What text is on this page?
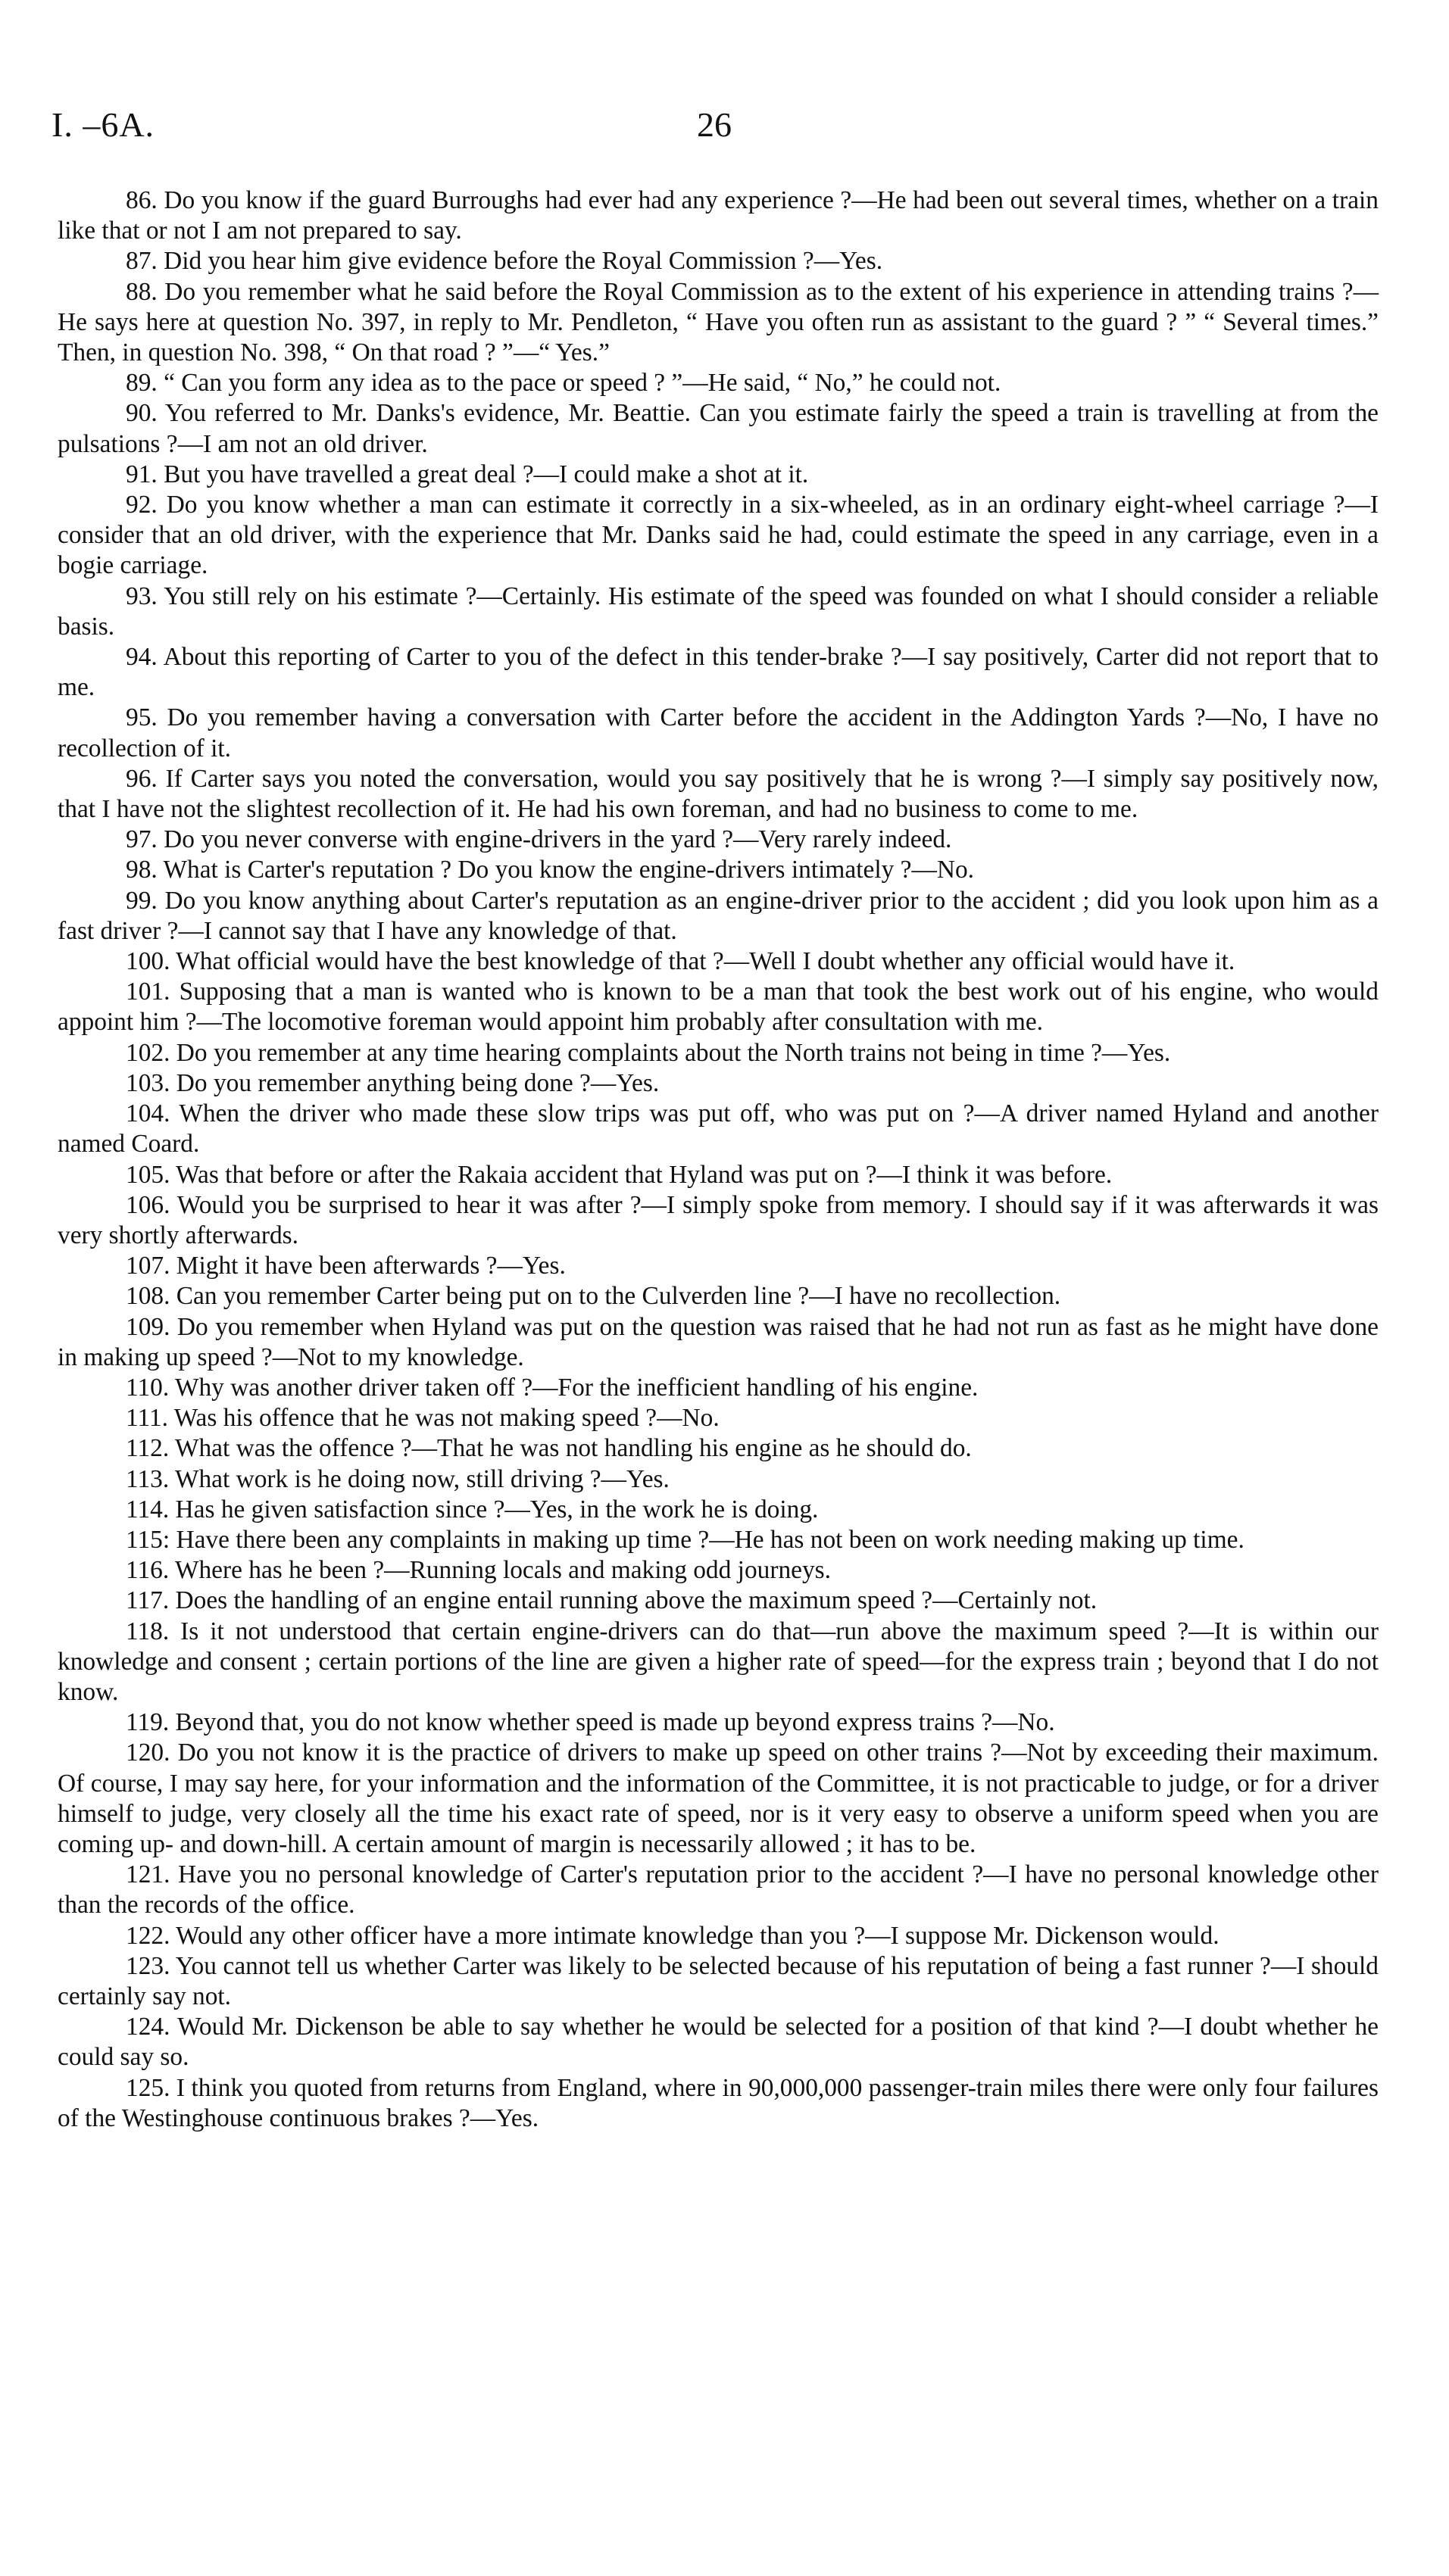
I. –6A.	26

86. Do you know if the guard Burroughs had ever had any experience ?—He had been out several times, whether on a train like that or not I am not prepared to say.

87. Did you hear him give evidence before the Royal Commission ?—Yes.

88. Do you remember what he said before the Royal Commission as to the extent of his experience in attending trains ?—He says here at question No. 397, in reply to Mr. Pendleton, “ Have you often run as assistant to the guard ? ” “ Several times.” Then, in question No. 398, “ On that road ? ”—“ Yes.”

89. “ Can you form any idea as to the pace or speed ? ”—He said, “ No,” he could not.

90. You referred to Mr. Danks's evidence, Mr. Beattie. Can you estimate fairly the speed a train is travelling at from the pulsations ?—I am not an old driver.

91. But you have travelled a great deal ?—I could make a shot at it.

92. Do you know whether a man can estimate it correctly in a six-wheeled, as in an ordinary eight-wheel carriage ?—I consider that an old driver, with the experience that Mr. Danks said he had, could estimate the speed in any carriage, even in a bogie carriage.

93. You still rely on his estimate ?—Certainly. His estimate of the speed was founded on what I should consider a reliable basis.

94. About this reporting of Carter to you of the defect in this tender-brake ?—I say positively, Carter did not report that to me.

95. Do you remember having a conversation with Carter before the accident in the Addington Yards ?—No, I have no recollection of it.

96. If Carter says you noted the conversation, would you say positively that he is wrong ?—I simply say positively now, that I have not the slightest recollection of it. He had his own foreman, and had no business to come to me.

97. Do you never converse with engine-drivers in the yard ?—Very rarely indeed.

98. What is Carter's reputation ? Do you know the engine-drivers intimately ?—No.

99. Do you know anything about Carter's reputation as an engine-driver prior to the accident ; did you look upon him as a fast driver ?—I cannot say that I have any knowledge of that.

100. What official would have the best knowledge of that ?—Well I doubt whether any official would have it.

101. Supposing that a man is wanted who is known to be a man that took the best work out of his engine, who would appoint him ?—The locomotive foreman would appoint him probably after consultation with me.

102. Do you remember at any time hearing complaints about the North trains not being in time ?—Yes.

103. Do you remember anything being done ?—Yes.

104. When the driver who made these slow trips was put off, who was put on ?—A driver named Hyland and another named Coard.

105. Was that before or after the Rakaia accident that Hyland was put on ?—I think it was before.

106. Would you be surprised to hear it was after ?—I simply spoke from memory. I should say if it was afterwards it was very shortly afterwards.

107. Might it have been afterwards ?—Yes.

108. Can you remember Carter being put on to the Culverden line ?—I have no recollection.

109. Do you remember when Hyland was put on the question was raised that he had not run as fast as he might have done in making up speed ?—Not to my knowledge.

110. Why was another driver taken off ?—For the inefficient handling of his engine.

111. Was his offence that he was not making speed ?—No.

112. What was the offence ?—That he was not handling his engine as he should do.

113. What work is he doing now, still driving ?—Yes.

114. Has he given satisfaction since ?—Yes, in the work he is doing.

115: Have there been any complaints in making up time ?—He has not been on work needing making up time.

116. Where has he been ?—Running locals and making odd journeys.

117. Does the handling of an engine entail running above the maximum speed ?—Certainly not.

118. Is it not understood that certain engine-drivers can do that—run above the maximum speed ?—It is within our knowledge and consent ; certain portions of the line are given a higher rate of speed—for the express train ; beyond that I do not know.

119. Beyond that, you do not know whether speed is made up beyond express trains ?—No.

120. Do you not know it is the practice of drivers to make up speed on other trains ?—Not by exceeding their maximum. Of course, I may say here, for your information and the information of the Committee, it is not practicable to judge, or for a driver himself to judge, very closely all the time his exact rate of speed, nor is it very easy to observe a uniform speed when you are coming up- and down-hill. A certain amount of margin is necessarily allowed ; it has to be.

121. Have you no personal knowledge of Carter's reputation prior to the accident ?—I have no personal knowledge other than the records of the office.

122. Would any other officer have a more intimate knowledge than you ?—I suppose Mr. Dickenson would.

123. You cannot tell us whether Carter was likely to be selected because of his reputation of being a fast runner ?—I should certainly say not.

124. Would Mr. Dickenson be able to say whether he would be selected for a position of that kind ?—I doubt whether he could say so.

125. I think you quoted from returns from England, where in 90,000,000 passenger-train miles there were only four failures of the Westinghouse continuous brakes ?—Yes.
